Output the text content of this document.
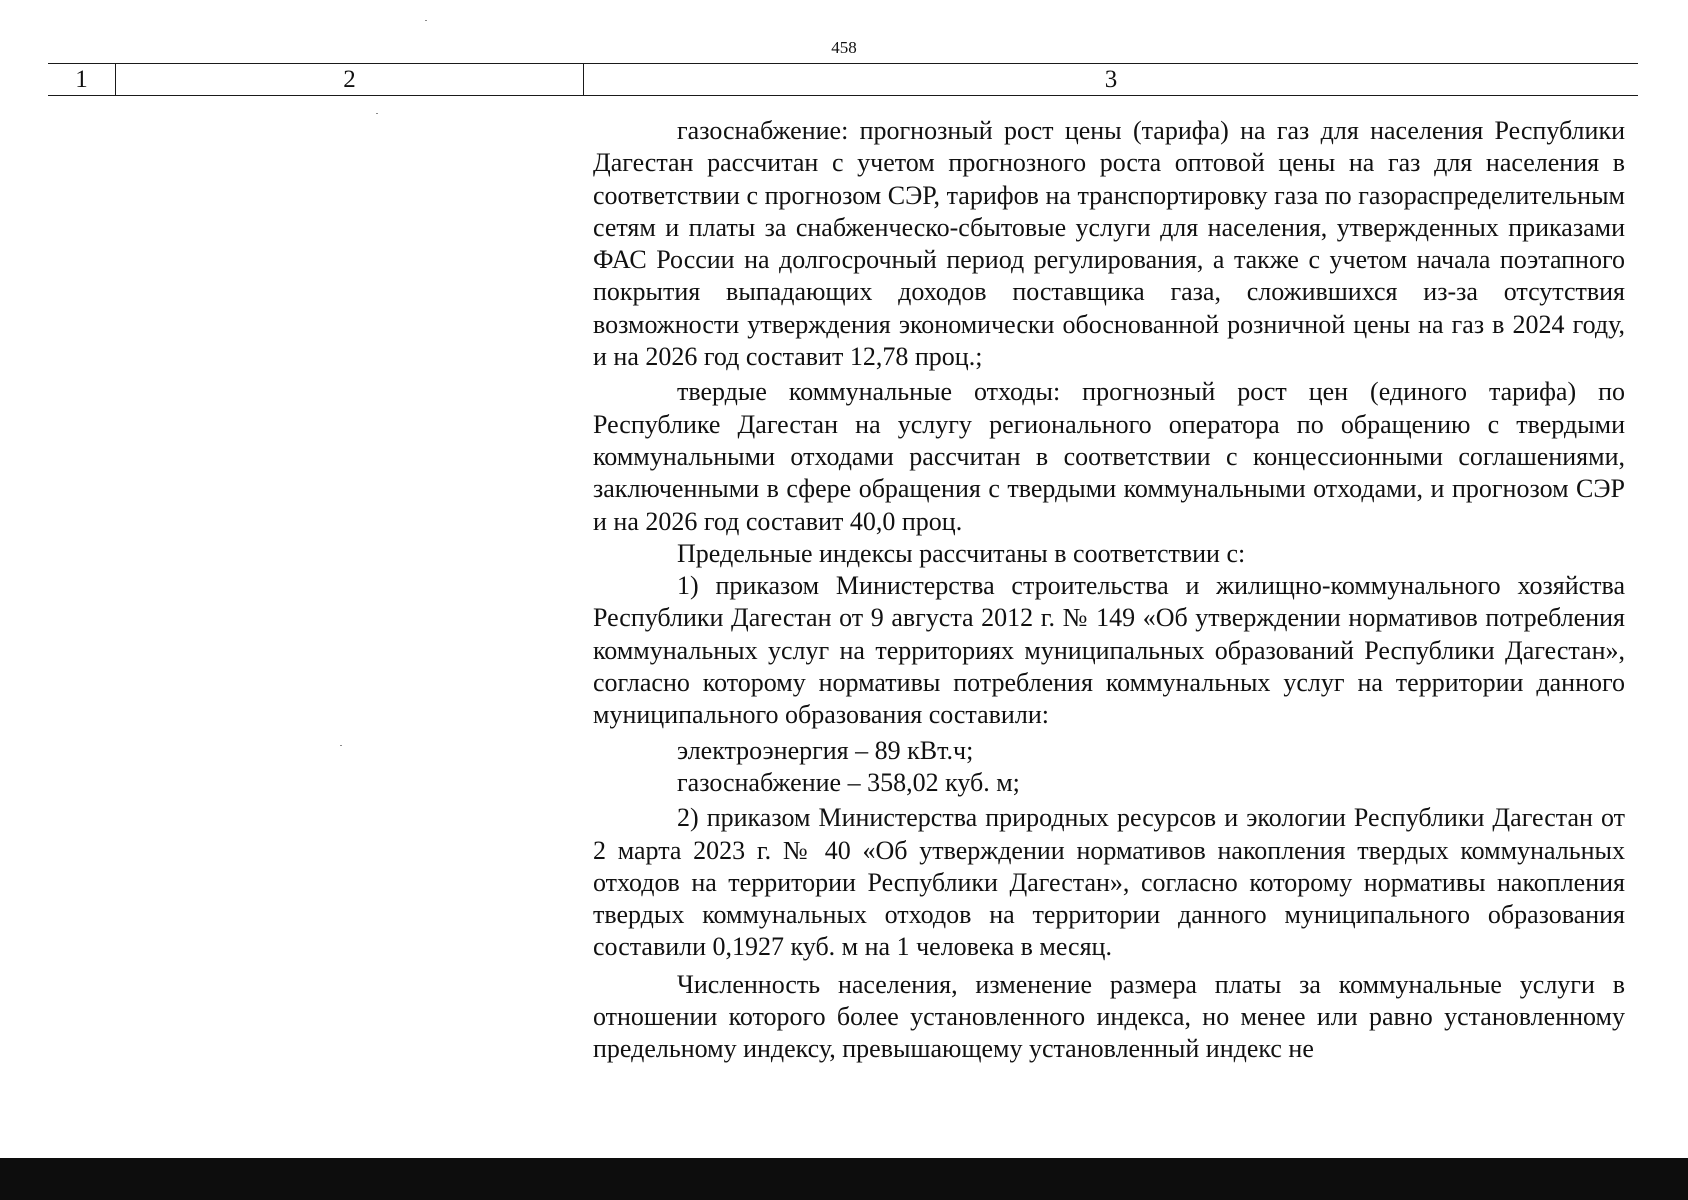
458
1	2	3

газоснабжение: прогнозный рост цены (тарифа) на газ для населения Республики Дагестан рассчитан с учетом прогнозного роста оптовой цены на газ для населения в соответствии с прогнозом СЭР, тарифов на транспортировку газа по газораспределительным сетям и платы за снабженческо-сбытовые услуги для населения, утвержденных приказами ФАС России на долгосрочный период регулирования, а также с учетом начала поэтапного покрытия выпадающих доходов поставщика газа, сложившихся из-за отсутствия возможности утверждения экономически обоснованной розничной цены на газ в 2024 году, и на 2026 год составит 12,78 проц.;

твердые коммунальные отходы: прогнозный рост цен (единого тарифа) по Республике Дагестан на услугу регионального оператора по обращению с твердыми коммунальными отходами рассчитан в соответствии с концессионными соглашениями, заключенными в сфере обращения с твердыми коммунальными отходами, и прогнозом СЭР и на 2026 год составит 40,0 проц.

Предельные индексы рассчитаны в соответствии с:

1) приказом Министерства строительства и жилищно-коммунального хозяйства Республики Дагестан от 9 августа 2012 г. № 149 «Об утверждении нормативов потребления коммунальных услуг на территориях муниципальных образований Республики Дагестан», согласно которому нормативы потребления коммунальных услуг на территории данного муниципального образования составили:

электроэнергия – 89 кВт.ч;

газоснабжение – 358,02 куб. м;

2) приказом Министерства природных ресурсов и экологии Республики Дагестан от 2 марта 2023 г. № 40 «Об утверждении нормативов накопления твердых коммунальных отходов на территории Республики Дагестан», согласно которому нормативы накопления твердых коммунальных отходов на территории данного муниципального образования составили 0,1927 куб. м на 1 человека в месяц.

Численность населения, изменение размера платы за коммунальные услуги в отношении которого более установленного индекса, но менее или равно установленному предельному индексу, превышающему установленный индекс не
